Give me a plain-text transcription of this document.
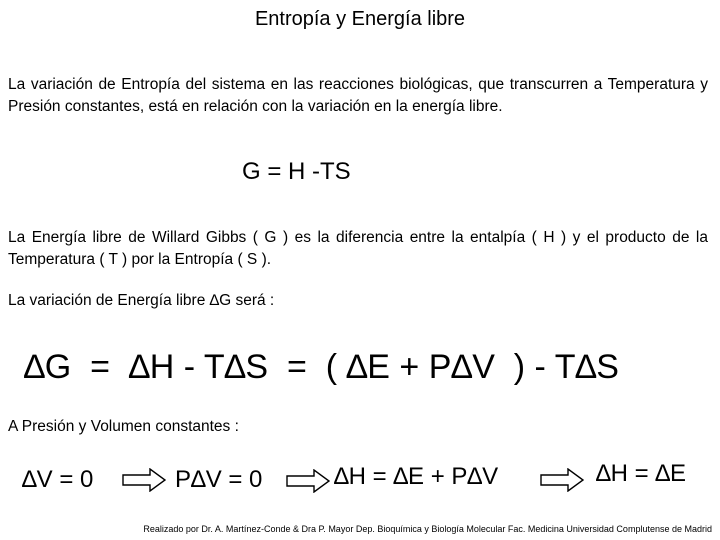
Entropía y Energía libre
La variación de Entropía del sistema en las reacciones biológicas, que transcurren a Temperatura y Presión constantes, está en relación con la variación en la energía libre.
G = H -TS
La Energía libre de Willard Gibbs ( G ) es la diferencia entre la entalpía ( H ) y el producto de la Temperatura ( T ) por la Entropía ( S ).
La variación de Energía libre ∆G será :
∆G  =  ∆H - T∆S  =  ( ∆E + P∆V  ) - T∆S
A Presión y Volumen constantes :
∆V = 0	P∆V = 0	∆H = ∆E + P∆V	∆H = ∆E
Realizado por Dr. A. Martínez-Conde & Dra P. Mayor Dep. Bioquímica y Biología Molecular Fac. Medicina Universidad Complutense de Madrid
